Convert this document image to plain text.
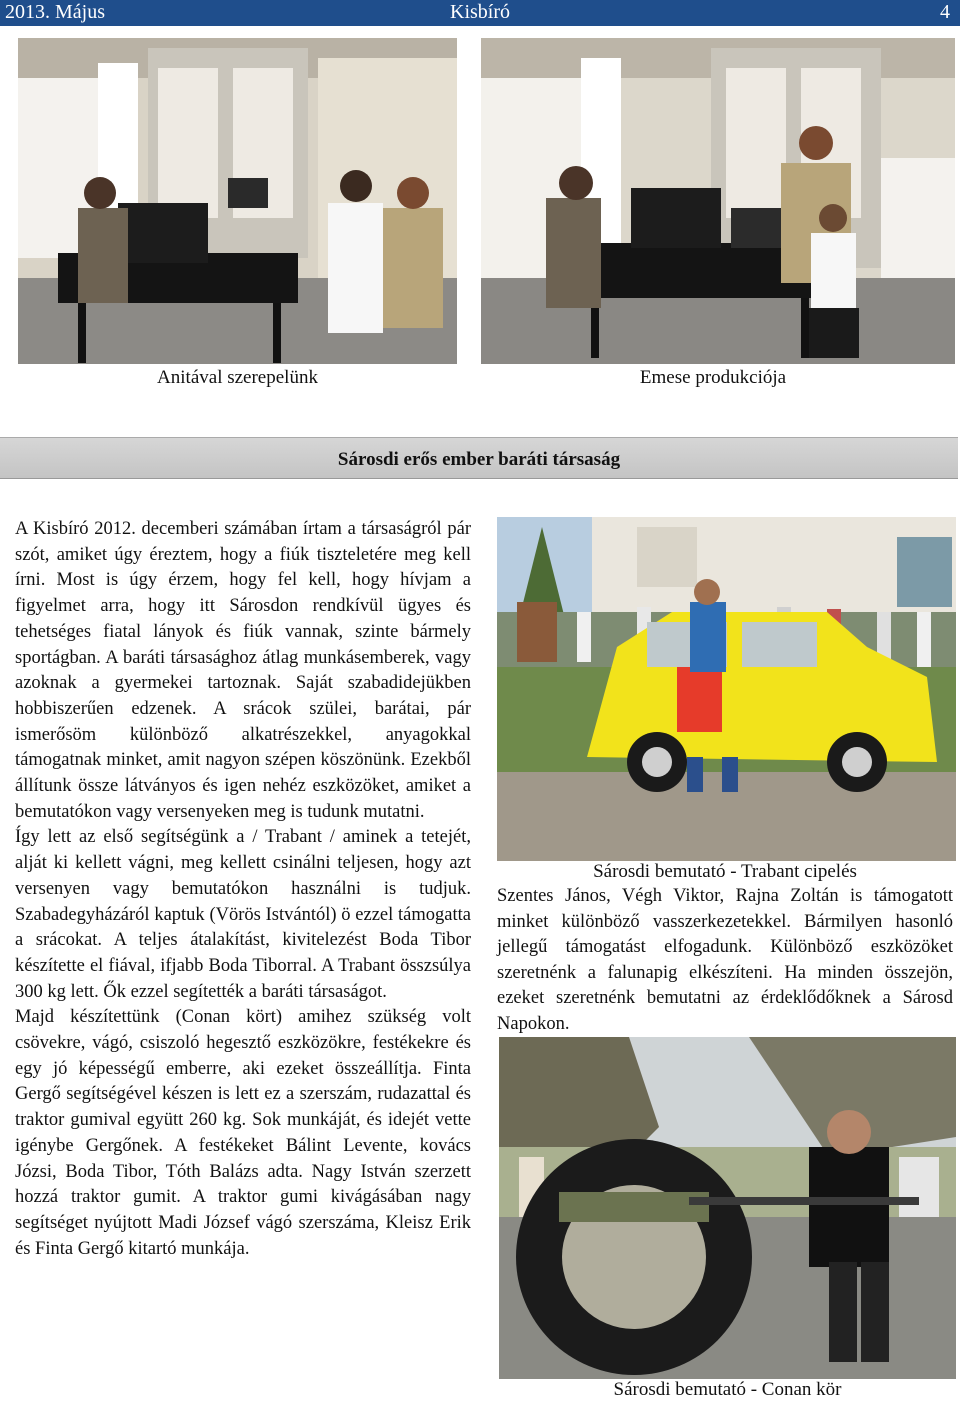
2013. Május	Kisbíró	4
Anitával szerepelünk	Emese produkciója
Sárosdi erős ember baráti társaság

A Kisbíró 2012. decemberi számában írtam a társaságról pár szót, amiket úgy éreztem, hogy a fiúk tiszteletére meg kell írni. Most is úgy érzem, hogy fel kell, hogy hívjam a figyelmet arra, hogy itt Sárosdon rendkívül ügyes és tehetséges fiatal lányok és fiúk vannak, szinte bármely sportágban. A baráti társasághoz átlag munkásemberek, vagy azoknak a gyermekei tartoznak. Saját szabadidejükben hobbiszerűen edzenek. A srácok szülei, barátai, pár ismerősöm különböző alkatrészekkel, anyagokkal támogatnak minket, amit nagyon szépen köszönünk. Ezekből állítunk össze látványos és igen nehéz eszközöket, amiket a bemutatókon vagy versenyeken meg is tudunk mutatni.

Így lett az első segítségünk a / Trabant / aminek a tetejét, alját ki kellett vágni, meg kellett csinálni teljesen, hogy azt versenyen vagy bemutatókon használni is tudjuk. Szabadegyházáról kaptuk (Vörös Istvántól) ö ezzel támogatta a srácokat. A teljes átalakítást, kivitelezést Boda Tibor készítette el fiával, ifjabb Boda Tiborral. A Trabant összsúlya 300 kg lett. Ők ezzel segítették a baráti társaságot.

Majd készítettünk (Conan kört) amihez szükség volt csövekre, vágó, csiszoló hegesztő eszközökre, festékekre és egy jó képességű emberre, aki ezeket összeállítja. Finta Gergő segítségével készen is lett ez a szerszám, rudazattal és traktor gumival együtt 260 kg. Sok munkáját, és idejét vette igénybe Gergőnek. A festékeket Bálint Levente, kovács Józsi, Boda Tibor, Tóth Balázs adta. Nagy István szerzett hozzá traktor gumit. A traktor gumi kivágásában nagy segítséget nyújtott Madi József vágó szerszáma, Kleisz Erik és Finta Gergő kitartó munkája.

Sárosdi bemutató - Trabant cipelés
Szentes János, Végh Viktor, Rajna Zoltán is támogatott minket különböző vasszerkezetekkel. Bármilyen hasonló jellegű támogatást elfogadunk. Különböző eszközöket szeretnénk a falunapig elkészíteni. Ha minden összejön, ezeket szeretnénk bemutatni az érdeklődőknek a Sárosd Napokon.
Sárosdi bemutató - Conan kör
